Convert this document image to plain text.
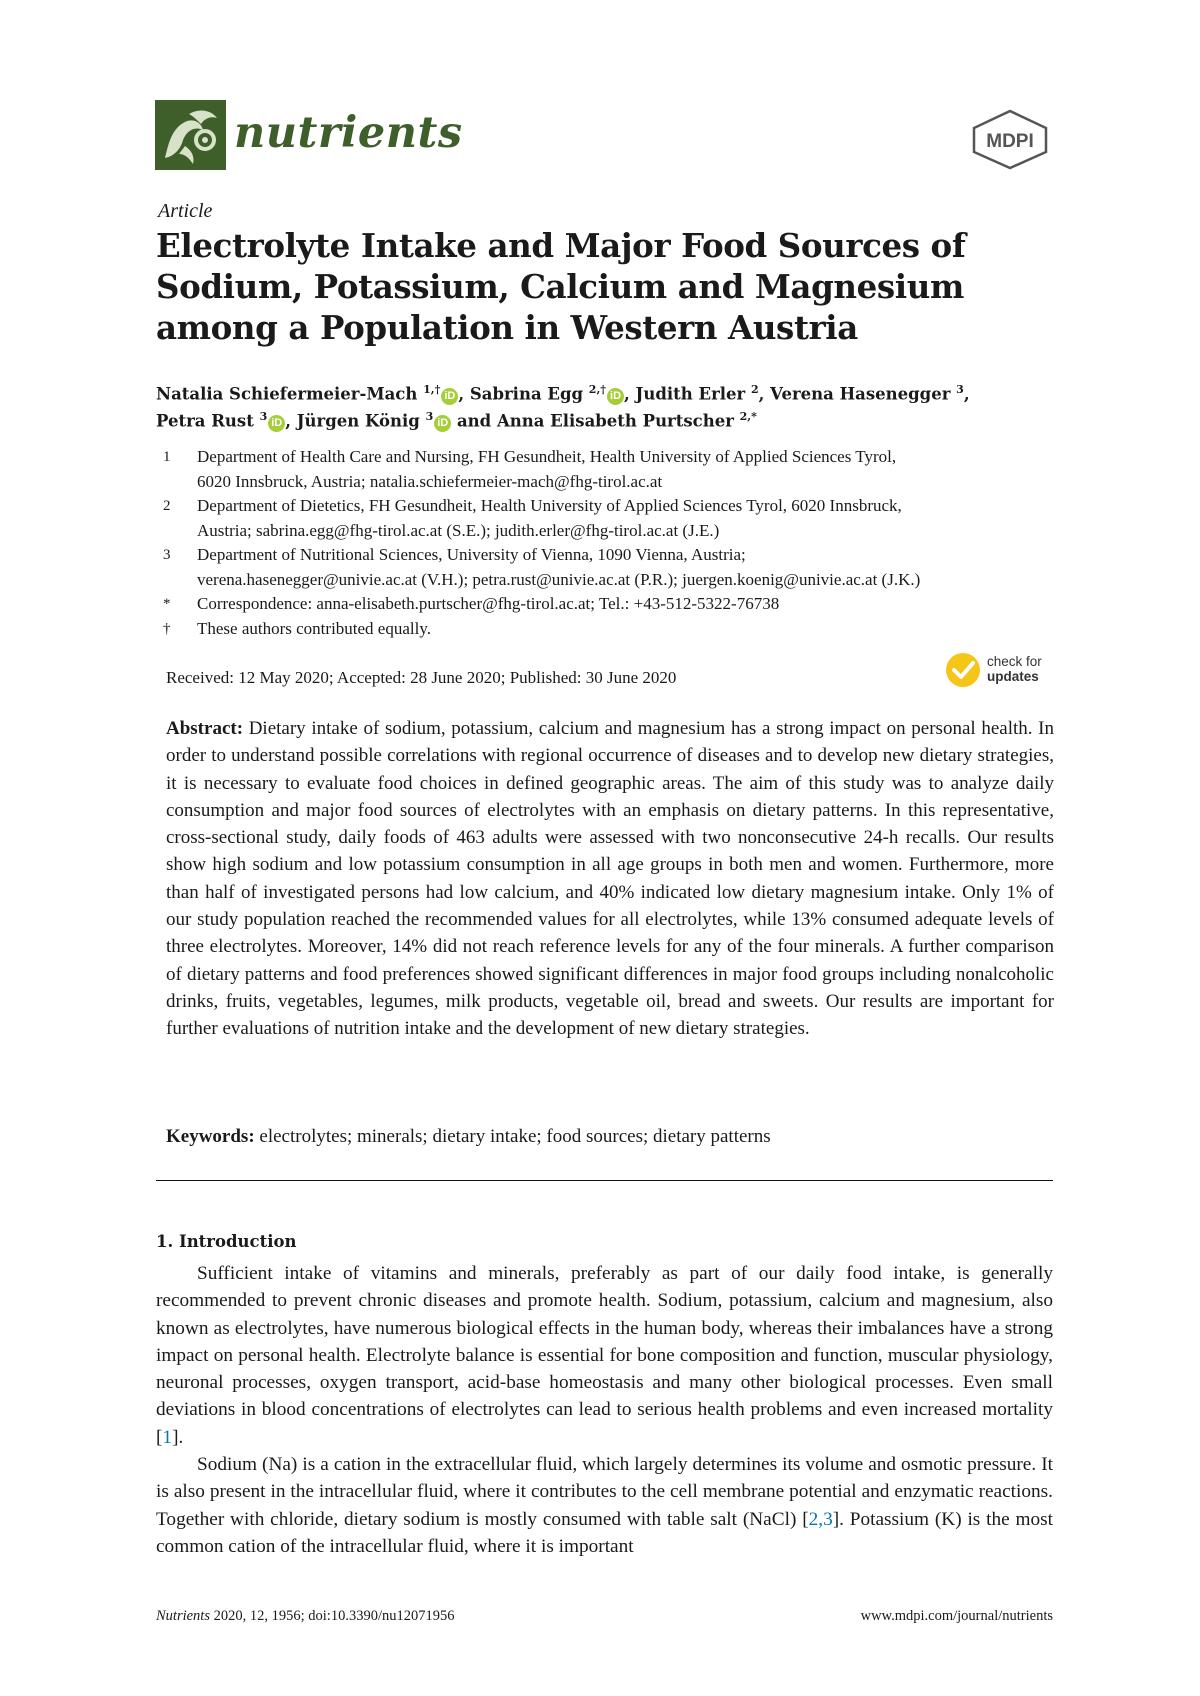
nutrients	MDPI
Article
Electrolyte Intake and Major Food Sources of Sodium, Potassium, Calcium and Magnesium among a Population in Western Austria
Natalia Schiefermeier-Mach $^{1,\dagger}$ iD , Sabrina Egg $^{2,\dagger}$ iD , Judith Erler $^2$, Verena Hasenegger $^3$,
Petra Rust $^3$ iD , Jürgen König $^3$ iD and Anna Elisabeth Purtscher $^{2,*}$
1 Department of Health Care and Nursing, FH Gesundheit, Health University of Applied Sciences Tyrol,
6020 Innsbruck, Austria; natalia.schiefermeier-mach@fhg-tirol.ac.at
2 Department of Dietetics, FH Gesundheit, Health University of Applied Sciences Tyrol, 6020 Innsbruck,
Austria; sabrina.egg@fhg-tirol.ac.at (S.E.); judith.erler@fhg-tirol.ac.at (J.E.)
3 Department of Nutritional Sciences, University of Vienna, 1090 Vienna, Austria;
verena.hasenegger@univie.ac.at (V.H.); petra.rust@univie.ac.at (P.R.); juergen.koenig@univie.ac.at (J.K.)
* Correspondence: anna-elisabeth.purtscher@fhg-tirol.ac.at; Tel.: +43-512-5322-76738
† These authors contributed equally.
Received: 12 May 2020; Accepted: 28 June 2020; Published: 30 June 2020
check for
updates

Abstract: Dietary intake of sodium, potassium, calcium and magnesium has a strong impact on personal health. In order to understand possible correlations with regional occurrence of diseases and to develop new dietary strategies, it is necessary to evaluate food choices in defined geographic areas. The aim of this study was to analyze daily consumption and major food sources of electrolytes with an emphasis on dietary patterns. In this representative, cross-sectional study, daily foods of 463 adults were assessed with two nonconsecutive 24-h recalls. Our results show high sodium and low potassium consumption in all age groups in both men and women. Furthermore, more than half of investigated persons had low calcium, and 40% indicated low dietary magnesium intake. Only 1% of our study population reached the recommended values for all electrolytes, while 13% consumed adequate levels of three electrolytes. Moreover, 14% did not reach reference levels for any of the four minerals. A further comparison of dietary patterns and food preferences showed significant differences in major food groups including nonalcoholic drinks, fruits, vegetables, legumes, milk products, vegetable oil, bread and sweets. Our results are important for further evaluations of nutrition intake and the development of new dietary strategies.

Keywords: electrolytes; minerals; dietary intake; food sources; dietary patterns

1. Introduction

Sufficient intake of vitamins and minerals, preferably as part of our daily food intake, is generally recommended to prevent chronic diseases and promote health. Sodium, potassium, calcium and magnesium, also known as electrolytes, have numerous biological effects in the human body, whereas their imbalances have a strong impact on personal health. Electrolyte balance is essential for bone composition and function, muscular physiology, neuronal processes, oxygen transport, acid-base homeostasis and many other biological processes. Even small deviations in blood concentrations of electrolytes can lead to serious health problems and even increased mortality [1].

Sodium (Na) is a cation in the extracellular fluid, which largely determines its volume and osmotic pressure. It is also present in the intracellular fluid, where it contributes to the cell membrane potential and enzymatic reactions. Together with chloride, dietary sodium is mostly consumed with table salt (NaCl) [2,3]. Potassium (K) is the most common cation of the intracellular fluid, where it is important

Nutrients 2020, 12, 1956; doi:10.3390/nu12071956	www.mdpi.com/journal/nutrients
